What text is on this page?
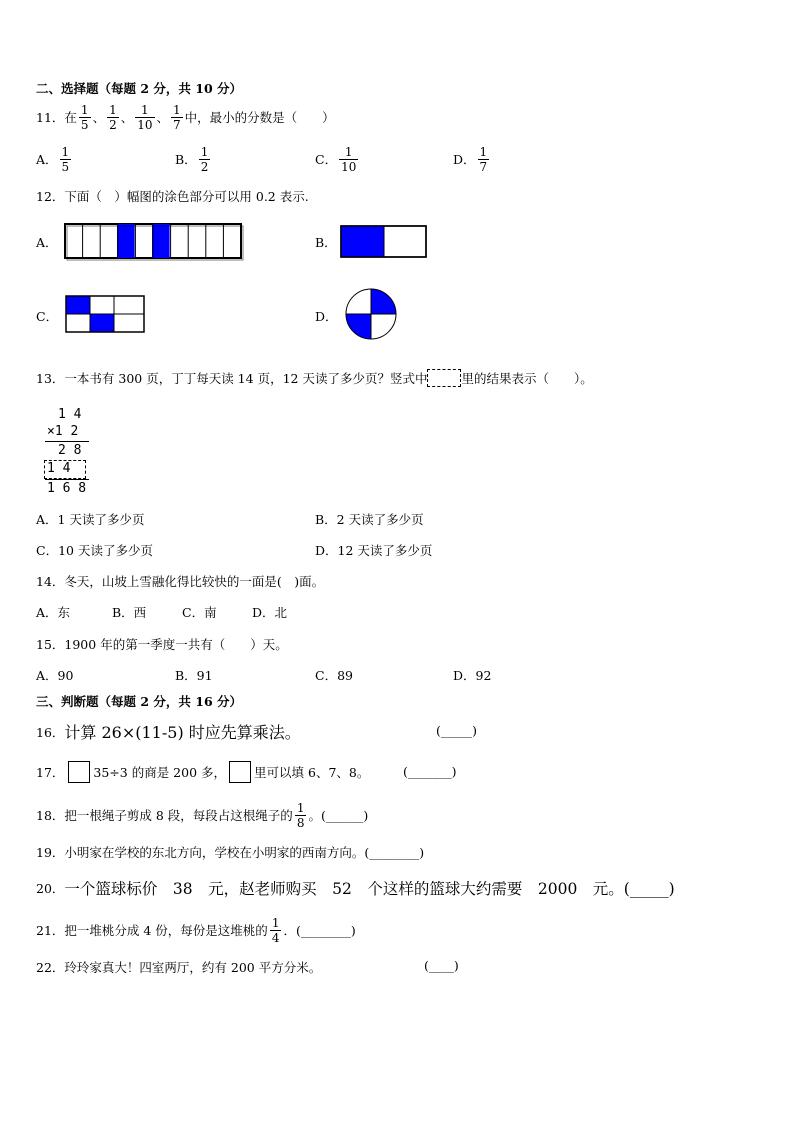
二、选择题（每题 2 分，共 10 分）
11． 在 $\frac{1}{5}$ 、 $\frac{1}{2}$ 、 $\frac{1}{10}$ 、 $\frac{1}{7}$ 中，最小的分数是（　　）
A． $\frac{1}{5}$	B． $\frac{1}{2}$	C． $\frac{1}{10}$	D． $\frac{1}{7}$
12．下面（　）幅图的涂色部分可以用 0.2 表示.
A．	B．
C．	D．
13．一本书有 300 页，丁丁每天读 14 页，12 天读了多少页？竖式中	里的结果表示（　　）。
1 4
×1 2
2 8
1 4
1 6 8
A．1 天读了多少页	B．2 天读了多少页
C．10 天读了多少页	D．12 天读了多少页
14．冬天，山坡上雪融化得比较快的一面是(　)面。
A．东	B．西	C．南	D．北
15．1900 年的第一季度一共有（　　）天。
A．90	B．91	C．89	D．92
三、判断题（每题 2 分，共 16 分）
16． 计算 26×(11-5) 时应先算乘法。	(_____)
17． 35÷3 的商是 200 多， 里可以填 6、7、8。	(_______)
18．把一根绳子剪成 8 段，每段占这根绳子的 $\frac{1}{8}$ 。(______)
19．小明家在学校的东北方向，学校在小明家的西南方向。(________)
20． 一个篮球标价　38　元，赵老师购买　52　个这样的篮球大约需要　2000　元。(_____)
21．把一堆桃分成 4 份，每份是这堆桃的 $\frac{1}{4}$ ．(________)
22．玲玲家真大！四室两厅，约有 200 平方分米。	(____)
